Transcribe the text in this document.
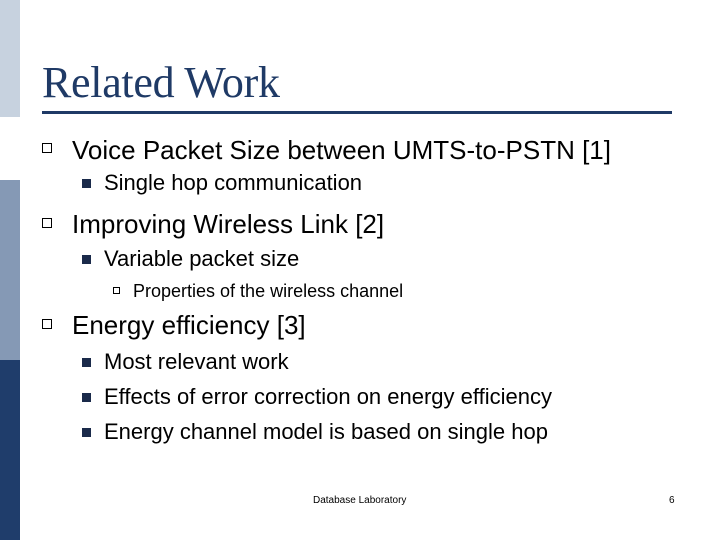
Related Work
Voice Packet Size between UMTS-to-PSTN [1]
Single hop communication
Improving Wireless Link [2]
Variable packet size
Properties of the wireless channel
Energy efficiency [3]
Most relevant work
Effects of error correction on energy efficiency
Energy channel model is based on single hop
Database Laboratory	6
